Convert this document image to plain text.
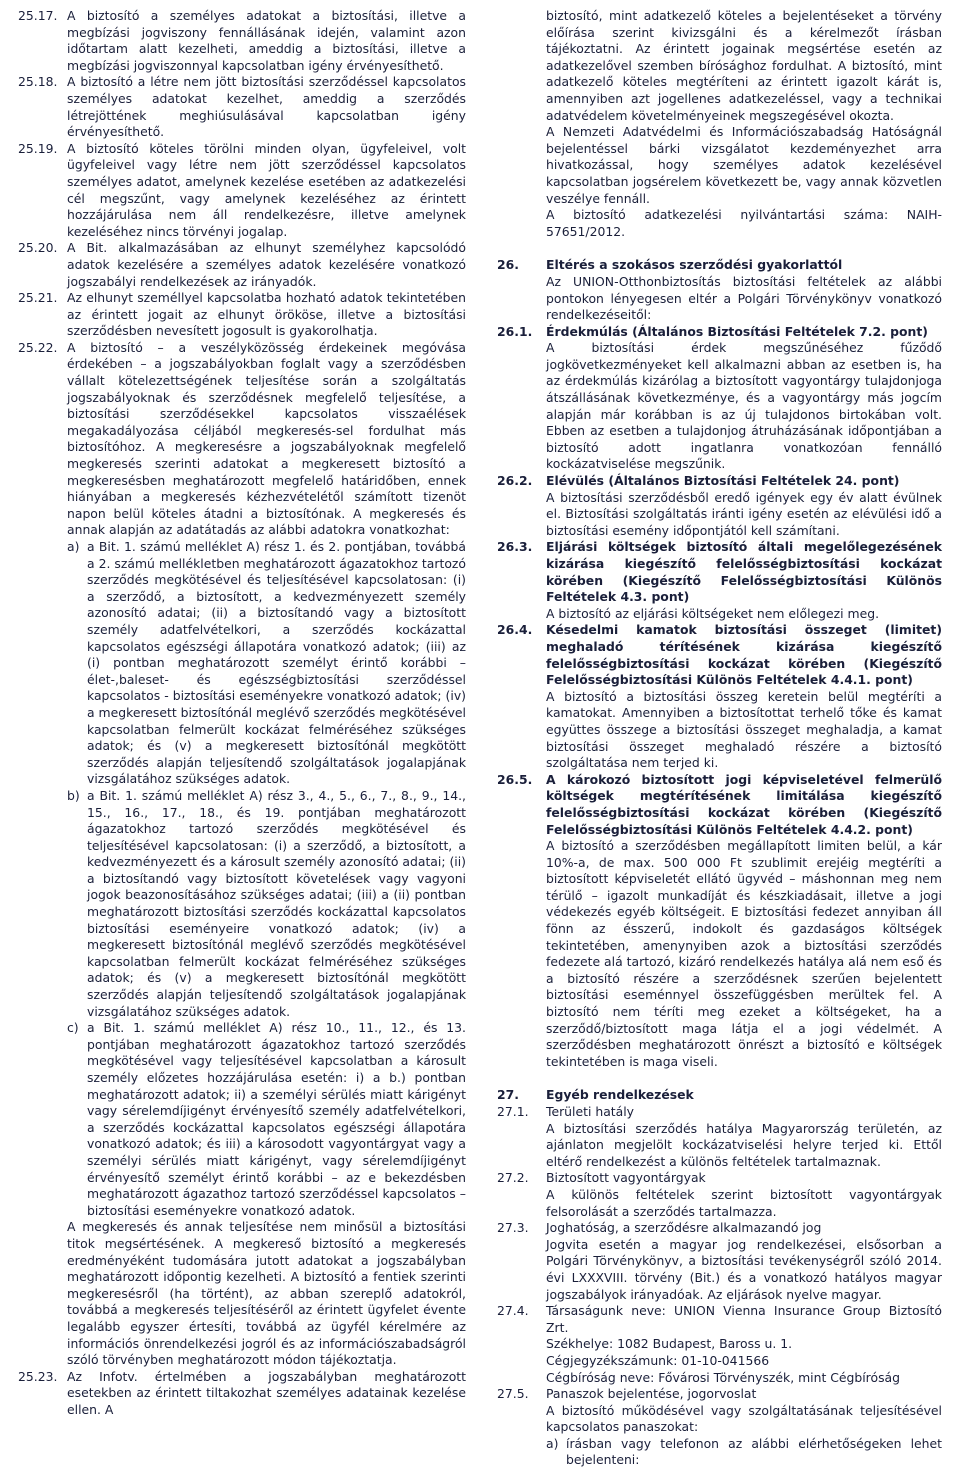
25.17. A biztosító a személyes adatokat a biztosítási, illetve a megbízási jogviszony fennállásának idején, valamint azon időtartam alatt kezelheti, ameddig a biztosítási, illetve a megbízási jogviszonnyal kapcsolatban igény érvényesíthető.

25.18. A biztosító a létre nem jött biztosítási szerződéssel kapcsolatos személyes adatokat kezelhet, ameddig a szerződés létrejöttének meghiúsulásával kapcsolatban igény érvényesíthető.

25.19. A biztosító köteles törölni minden olyan, ügyfeleivel, volt ügyfeleivel vagy létre nem jött szerződéssel kapcsolatos személyes adatot, amelynek kezelése esetében az adatkezelési cél megszűnt, vagy amelynek kezeléséhez az érintett hozzájárulása nem áll rendelkezésre, illetve amelynek kezeléséhez nincs törvényi jogalap.

25.20. A Bit. alkalmazásában az elhunyt személyhez kapcsolódó adatok kezelésére a személyes adatok kezelésére vonatkozó jogszabályi rendelkezések az irányadók.

25.21. Az elhunyt személlyel kapcsolatba hozható adatok tekintetében az érintett jogait az elhunyt örököse, illetve a biztosítási szerződésben nevesített jogosult is gyakorolhatja.

25.22. A biztosító – a veszélyközösség érdekeinek megóvása érdekében – a jogszabályokban foglalt vagy a szerződésben vállalt kötelezettségének teljesítése során a szolgáltatás jogszabályoknak és szerződésnek megfelelő teljesítése, a biztosítási szerződésekkel kapcsolatos visszaélések megakadályozása céljából megkeresés-sel fordulhat más biztosítóhoz. A megkeresésre a jogszabályoknak megfelelő megkeresés szerinti adatokat a megkeresett biztosító a megkeresésben meghatározott megfelelő határidőben, ennek hiányában a megkeresés kézhezvételétől számított tizenöt napon belül köteles átadni a biztosítónak. A megkeresés és annak alapján az adatátadás az alábbi adatokra vonatkozhat:

a) a Bit. 1. számú melléklet A) rész 1. és 2. pontjában, továbbá a 2. számú mellékletben meghatározott ágazatokhoz tartozó szerződés megkötésével és teljesítésével kapcsolatosan: (i) a szerződő, a biztosított, a kedvezményezett személy azonosító adatai; (ii) a biztosítandó vagy a biztosított személy adatfelvételkori, a szerződés kockázattal kapcsolatos egészségi állapotára vonatkozó adatok; (iii) az (i) pontban meghatározott személyt érintő korábbi – élet-,baleset- és egészségbiztosítási szerződéssel kapcsolatos - biztosítási eseményekre vonatkozó adatok; (iv) a megkeresett biztosítónál meglévő szerződés megkötésével kapcsolatban felmerült kockázat felméréséhez szükséges adatok; és (v) a megkeresett biztosítónál megkötött szerződés alapján teljesítendő szolgáltatások jogalapjának vizsgálatához szükséges adatok.

b) a Bit. 1. számú melléklet A) rész 3., 4., 5., 6., 7., 8., 9., 14., 15., 16., 17., 18., és 19. pontjában meghatározott ágazatokhoz tartozó szerződés megkötésével és teljesítésével kapcsolatosan: (i) a szerződő, a biztosított, a kedvezményezett és a károsult személy azonosító adatai; (ii) a biztosítandó vagy biztosított követelések vagy vagyoni jogok beazonosításához szükséges adatai; (iii) a (ii) pontban meghatározott biztosítási szerződés kockázattal kapcsolatos biztosítási eseményeire vonatkozó adatok; (iv) a megkeresett biztosítónál meglévő szerződés megkötésével kapcsolatban felmerült kockázat felméréséhez szükséges adatok; és (v) a megkeresett biztosítónál megkötött szerződés alapján teljesítendő szolgáltatások jogalapjának vizsgálatához szükséges adatok.

c) a Bit. 1. számú melléklet A) rész 10., 11., 12., és 13. pontjában meghatározott ágazatokhoz tartozó szerződés megkötésével vagy teljesítésével kapcsolatban a károsult személy előzetes hozzájárulása esetén: i) a b.) pontban meghatározott adatok; ii) a személyi sérülés miatt kárigényt vagy sérelemdíjigényt érvényesítő személy adatfelvételkori, a szerződés kockázattal kapcsolatos egészségi állapotára vonatkozó adatok; és iii) a károsodott vagyontárgyat vagy a személyi sérülés miatt kárigényt, vagy sérelemdíjigényt érvényesítő személyt érintő korábbi – az e bekezdésben meghatározott ágazathoz tartozó szerződéssel kapcsolatos – biztosítási eseményekre vonatkozó adatok.

A megkeresés és annak teljesítése nem minősül a biztosítási titok megsértésének. A megkereső biztosító a megkeresés eredményéként tudomására jutott adatokat a jogszabályban meghatározott időpontig kezelheti. A biztosító a fentiek szerinti megkeresésről (ha történt), az abban szereplő adatokról, továbbá a megkeresés teljesítéséről az érintett ügyfelet évente legalább egyszer értesíti, továbbá az ügyfél kérelmére az információs önrendelkezési jogról és az információszabadságról szóló törvényben meghatározott módon tájékoztatja.

25.23. Az Infotv. értelmében a jogszabályban meghatározott esetekben az érintett tiltakozhat személyes adatainak kezelése ellen. A

biztosító, mint adatkezelő köteles a bejelentéseket a törvény előírása szerint kivizsgálni és a kérelmezőt írásban tájékoztatni. Az érintett jogainak megsértése esetén az adatkezelővel szemben bírósághoz fordulhat. A biztosító, mint adatkezelő köteles megtéríteni az érintett igazolt kárát is, amennyiben azt jogellenes adatkezeléssel, vagy a technikai adatvédelem követelményeinek megszegésével okozta.

A Nemzeti Adatvédelmi és Információszabadság Hatóságnál bejelentéssel bárki vizsgálatot kezdeményezhet arra hivatkozással, hogy személyes adatok kezelésével kapcsolatban jogsérelem következett be, vagy annak közvetlen veszélye fennáll.

A biztosító adatkezelési nyilvántartási száma: NAIH-57651/2012.

26.	Eltérés a szokásos szerződési gyakorlattól

Az UNION-Otthonbiztosítás biztosítási feltételek az alábbi pontokon lényegesen eltér a Polgári Törvénykönyv vonatkozó rendelkezéseitől:

26.1.	Érdekmúlás (Általános Biztosítási Feltételek 7.2. pont)

A biztosítási érdek megszűnéséhez fűződő jogkövetkezményeket kell alkalmazni abban az esetben is, ha az érdekmúlás kizárólag a biztosított vagyontárgy tulajdonjoga átszállásának következménye, és a vagyontárgy más jogcím alapján már korábban is az új tulajdonos birtokában volt. Ebben az esetben a tulajdonjog átruházásának időpontjában a biztosító adott ingatlanra vonatkozóan fennálló kockázatviselése megszűnik.

26.2.	Elévülés (Általános Biztosítási Feltételek 24. pont)

A biztosítási szerződésből eredő igények egy év alatt évülnek el. Biztosítási szolgáltatás iránti igény esetén az elévülési idő a biztosítási esemény időpontjától kell számítani.

26.3.	Eljárási költségek biztosító általi megelőlegezésének kizárása kiegészítő felelősségbiztosítási kockázat körében (Kiegészítő Felelősségbiztosítási Különös Feltételek 4.3. pont)

A biztosító az eljárási költségeket nem előlegezi meg.

26.4.	Késedelmi kamatok biztosítási összeget (limitet) meghaladó térítésének kizárása kiegészítő felelősségbiztosítási kockázat körében (Kiegészítő Felelősségbiztosítási Különös Feltételek 4.4.1. pont)

A biztosító a biztosítási összeg keretein belül megtéríti a kamatokat. Amennyiben a biztosítottat terhelő tőke és kamat együttes összege a biztosítási összeget meghaladja, a kamat biztosítási összeget meghaladó részére a biztosító szolgáltatása nem terjed ki.

26.5.	A károkozó biztosított jogi képviseletével felmerülő költségek megtérítésének limitálása kiegészítő felelősségbiztosítási kockázat körében (Kiegészítő Felelősségbiztosítási Különös Feltételek 4.4.2. pont)

A biztosító a szerződésben megállapított limiten belül, a kár 10%-a, de max. 500 000 Ft szublimit erejéig megtéríti a biztosított képviseletét ellátó ügyvéd – máshonnan meg nem térülő – igazolt munkadíját és készkiadásait, illetve a jogi védekezés egyéb költségeit. E biztosítási fedezet annyiban áll fönn az ésszerű, indokolt és gazdaságos költségek tekintetében, amenynyiben azok a biztosítási szerződés fedezete alá tartozó, kizáró rendelkezés hatálya alá nem eső és a biztosító részére a szerződésnek szerűen bejelentett biztosítási eseménnyel összefüggésben merültek fel. A biztosító nem téríti meg ezeket a költségeket, ha a szerződő/biztosított maga látja el a jogi védelmét. A szerződésben meghatározott önrészt a biztosító e költségek tekintetében is maga viseli.

27.	Egyéb rendelkezések

27.1.	Területi hatály

A biztosítási szerződés hatálya Magyarország területén, az ajánlaton megjelölt kockázatviselési helyre terjed ki. Ettől eltérő rendelkezést a különös feltételek tartalmaznak.

27.2.	Biztosított vagyontárgyak

A különös feltételek szerint biztosított vagyontárgyak felsorolását a szerződés tartalmazza.

27.3.	Joghatóság, a szerződésre alkalmazandó jog

Jogvita esetén a magyar jog rendelkezései, elsősorban a Polgári Törvénykönyv, a biztosítási tevékenységről szóló 2014. évi LXXXVIII. törvény (Bit.) és a vonatkozó hatályos magyar jogszabályok irányadóak. Az eljárások nyelve magyar.

27.4.	Társaságunk neve: UNION Vienna Insurance Group Biztosító Zrt.

Székhelye: 1082 Budapest, Baross u. 1.

Cégjegyzékszámunk: 01-10-041566

Cégbíróság neve: Fővárosi Törvényszék, mint Cégbíróság

27.5.	Panaszok bejelentése, jogorvoslat

A biztosító működésével vagy szolgáltatásának teljesítésével kapcsolatos panaszokat:

a) írásban vagy telefonon az alábbi elérhetőségeken lehet bejelenteni:
